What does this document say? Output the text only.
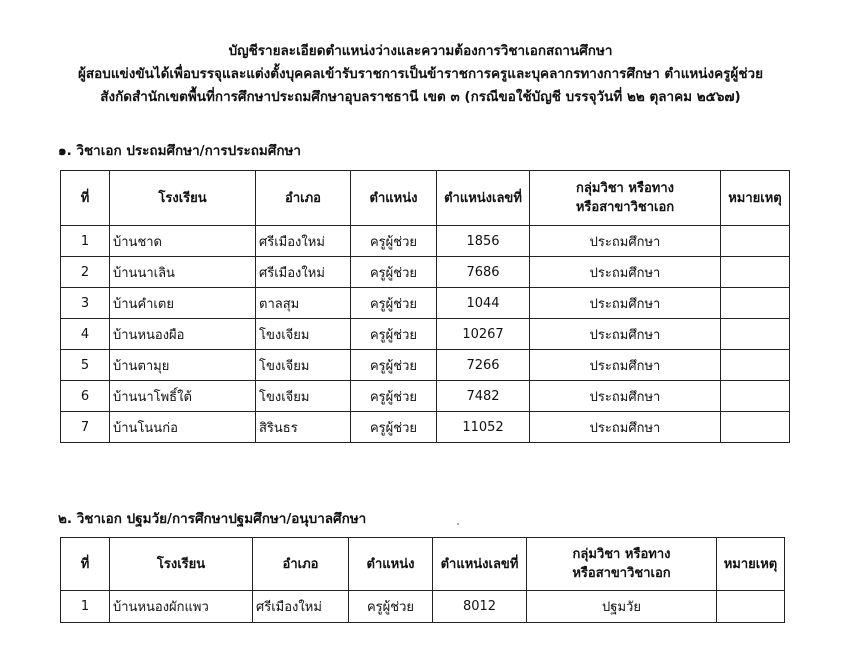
บัญชีรายละเอียดตำแหน่งว่างและความต้องการวิชาเอกสถานศึกษา
ผู้สอบแข่งขันได้เพื่อบรรจุและแต่งตั้งบุคคลเข้ารับราชการเป็นข้าราชการครูและบุคลากรทางการศึกษา ตำแหน่งครูผู้ช่วย
สังกัดสำนักเขตพื้นที่การศึกษาประถมศึกษาอุบลราชธานี เขต ๓ (กรณีขอใช้บัญชี บรรจุวันที่ ๒๒ ตุลาคม ๒๕๖๗)
๑. วิชาเอก ประถมศึกษา/การประถมศึกษา
ที่	โรงเรียน	อำเภอ	ตำแหน่ง	ตำแหน่งเลขที่	กลุ่มวิชา หรือทาง
หรือสาขาวิชาเอก	หมายเหตุ
1	บ้านชาด	ศรีเมืองใหม่	ครูผู้ช่วย	1856	ประถมศึกษา	
2	บ้านนาเลิน	ศรีเมืองใหม่	ครูผู้ช่วย	7686	ประถมศึกษา	
3	บ้านคำเตย	ตาลสุม	ครูผู้ช่วย	1044	ประถมศึกษา	
4	บ้านหนองผือ	โขงเจียม	ครูผู้ช่วย	10267	ประถมศึกษา	
5	บ้านตามุย	โขงเจียม	ครูผู้ช่วย	7266	ประถมศึกษา	
6	บ้านนาโพธิ์ใต้	โขงเจียม	ครูผู้ช่วย	7482	ประถมศึกษา	
7	บ้านโนนก่อ	สิรินธร	ครูผู้ช่วย	11052	ประถมศึกษา	
๒. วิชาเอก ปฐมวัย/การศึกษาปฐมศึกษา/อนุบาลศึกษา
ที่	โรงเรียน	อำเภอ	ตำแหน่ง	ตำแหน่งเลขที่	กลุ่มวิชา หรือทาง
หรือสาขาวิชาเอก	หมายเหตุ
1	บ้านหนองผักแพว	ศรีเมืองใหม่	ครูผู้ช่วย	8012	ปฐมวัย	
